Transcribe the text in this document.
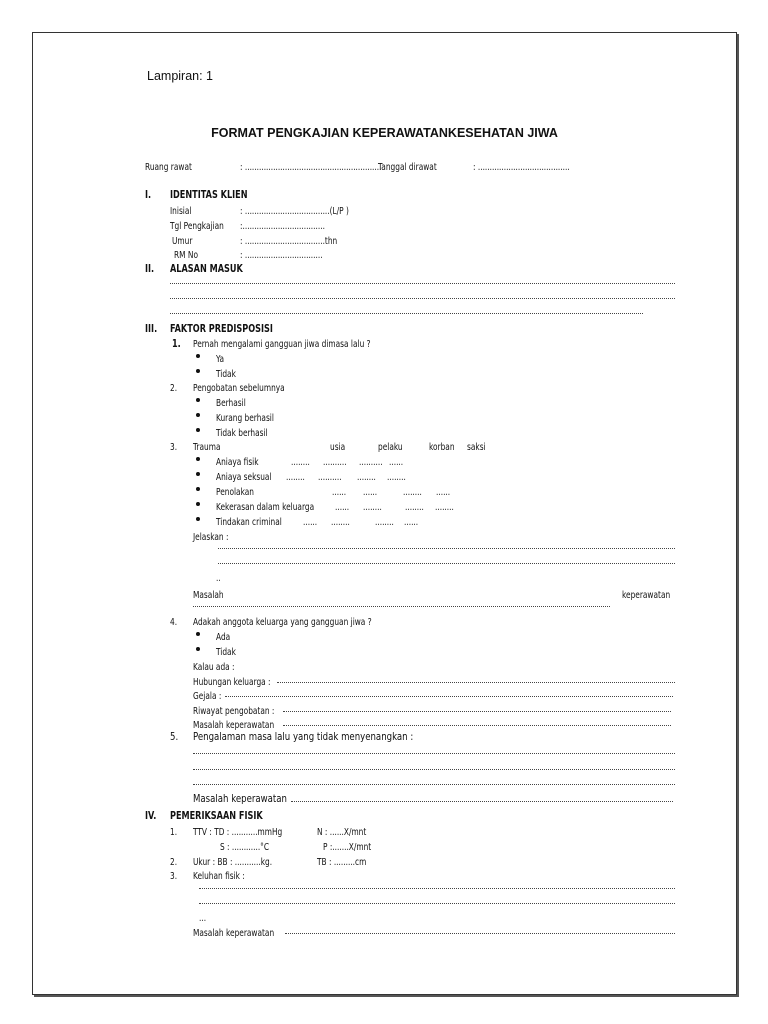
Lampiran: 1
FORMAT PENGKAJIAN KEPERAWATANKESEHATAN JIWA
Ruang rawat	: ..........................................................
Tanggal dirawat	: .......................................
I. IDENTITAS KLIEN
Inisial	: ....................................(L/P )
Tgl Pengkajian	:...................................
Umur	: ..................................thn
RM No	: .................................
II. ALASAN MASUK
III.	FAKTOR PREDISPOSISI
1.	Pernah mengalami gangguan jiwa dimasa lalu ?
Ya
Tidak
2. Pengobatan sebelumnya
Berhasil
Kurang berhasil
Tidak berhasil
3. Trauma	usia	pelaku	korban	saksi
Aniaya fisik	........	..........	.......... ......
Aniaya seksual	........	..........	........	........
Penolakan	......	......	........	......
Kekerasan dalam keluarga	......	........	........	........
Tindakan criminal	......	........	........	......
Jelaskan :
..
Masalah	keperawatan
4. Adakah anggota keluarga yang gangguan jiwa ?
Ada
Tidak
Kalau ada :
Hubungan keluarga :
Gejala :
Riwayat pengobatan :
Masalah keperawatan
5. Pengalaman masa lalu yang tidak menyenangkan :
Masalah keperawatan
IV.	PEMERIKSAAN FISIK
1. TTV : TD : ...........mmHg	N : ......X/mnt
S : ............°C	P :.......X/mnt
2. Ukur : BB : ...........kg.	TB : .........cm
3. Keluhan fisik :
...
Masalah keperawatan
